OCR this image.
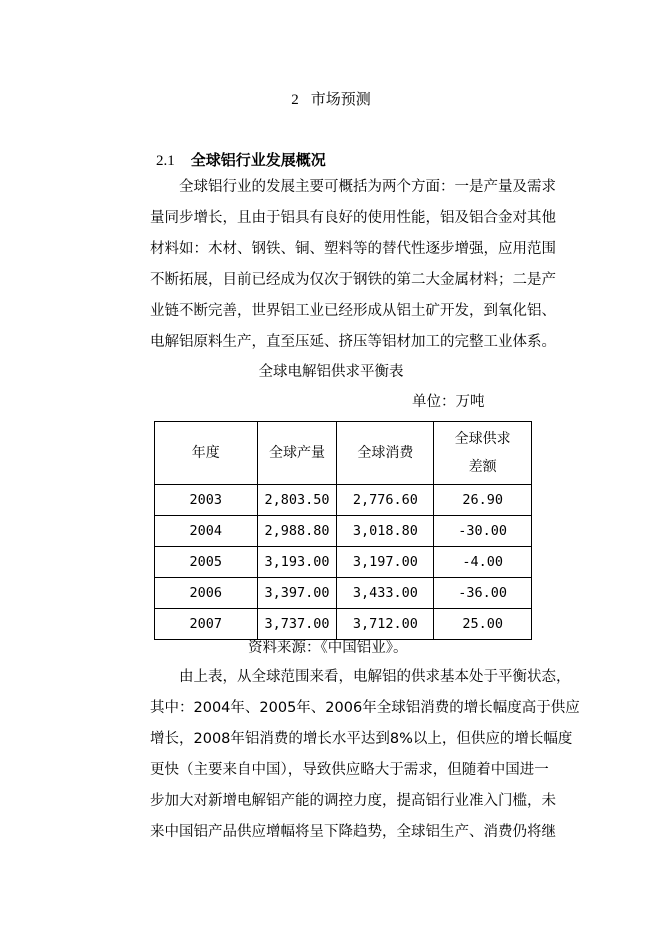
2 市场预测
2.1 全球铝行业发展概况
　　全球铝行业的发展主要可概括为两个方面：一是产量及需求
量同步增长，且由于铝具有良好的使用性能，铝及铝合金对其他
材料如：木材、钢铁、铜、塑料等的替代性逐步增强，应用范围
不断拓展，目前已经成为仅次于钢铁的第二大金属材料；二是产
业链不断完善，世界铝工业已经形成从铝土矿开发，到氧化铝、
电解铝原料生产，直至压延、挤压等铝材加工的完整工业体系。
全球电解铝供求平衡表
单位：万吨
年度	全球产量	全球消费	全球供求差额
2003	2,803.50	2,776.60	26.90
2004	2,988.80	3,018.80	-30.00
2005	3,193.00	3,197.00	-4.00
2006	3,397.00	3,433.00	-36.00
2007	3,737.00	3,712.00	25.00
资料来源：《中国铝业》。
　　由上表，从全球范围来看，电解铝的供求基本处于平衡状态，
其中：2004年、2005年、2006年全球铝消费的增长幅度高于供应
增长，2008年铝消费的增长水平达到8%以上，但供应的增长幅度
更快（主要来自中国），导致供应略大于需求，但随着中国进一
步加大对新增电解铝产能的调控力度，提高铝行业准入门槛，未
来中国铝产品供应增幅将呈下降趋势，全球铝生产、消费仍将继
